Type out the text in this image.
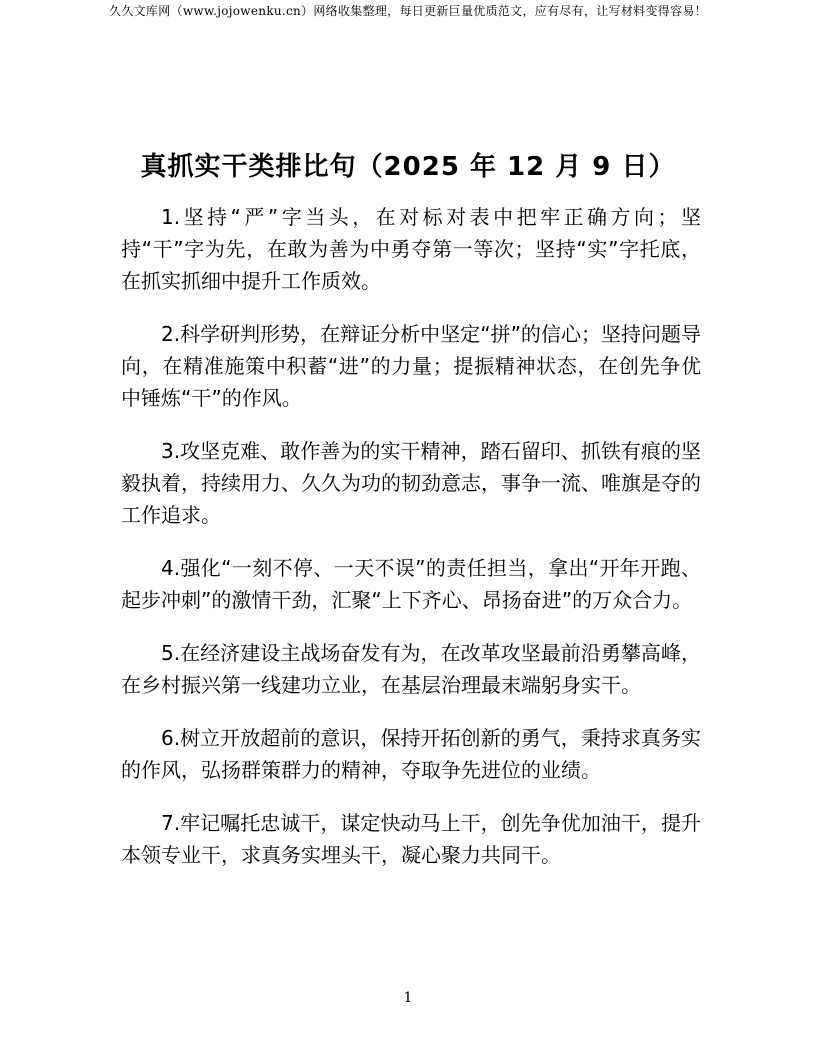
久久文库网（www.jojowenku.cn）网络收集整理，每日更新巨量优质范文，应有尽有，让写材料变得容易！
真抓实干类排比句（2025 年 12 月 9 日）

1.坚持“严”字当头，在对标对表中把牢正确方向；坚持“干”字为先，在敢为善为中勇夺第一等次；坚持“实”字托底，在抓实抓细中提升工作质效。

2.科学研判形势，在辩证分析中坚定“拼”的信心；坚持问题导向，在精准施策中积蓄“进”的力量；提振精神状态，在创先争优中锤炼“干”的作风。

3.攻坚克难、敢作善为的实干精神，踏石留印、抓铁有痕的坚毅执着，持续用力、久久为功的韧劲意志，事争一流、唯旗是夺的工作追求。

4.强化“一刻不停、一天不误”的责任担当，拿出“开年开跑、起步冲刺”的激情干劲，汇聚“上下齐心、昂扬奋进”的万众合力。

5.在经济建设主战场奋发有为，在改革攻坚最前沿勇攀高峰，在乡村振兴第一线建功立业，在基层治理最末端躬身实干。

6.树立开放超前的意识，保持开拓创新的勇气，秉持求真务实的作风，弘扬群策群力的精神，夺取争先进位的业绩。

7.牢记嘱托忠诚干，谋定快动马上干，创先争优加油干，提升本领专业干，求真务实埋头干，凝心聚力共同干。

1
